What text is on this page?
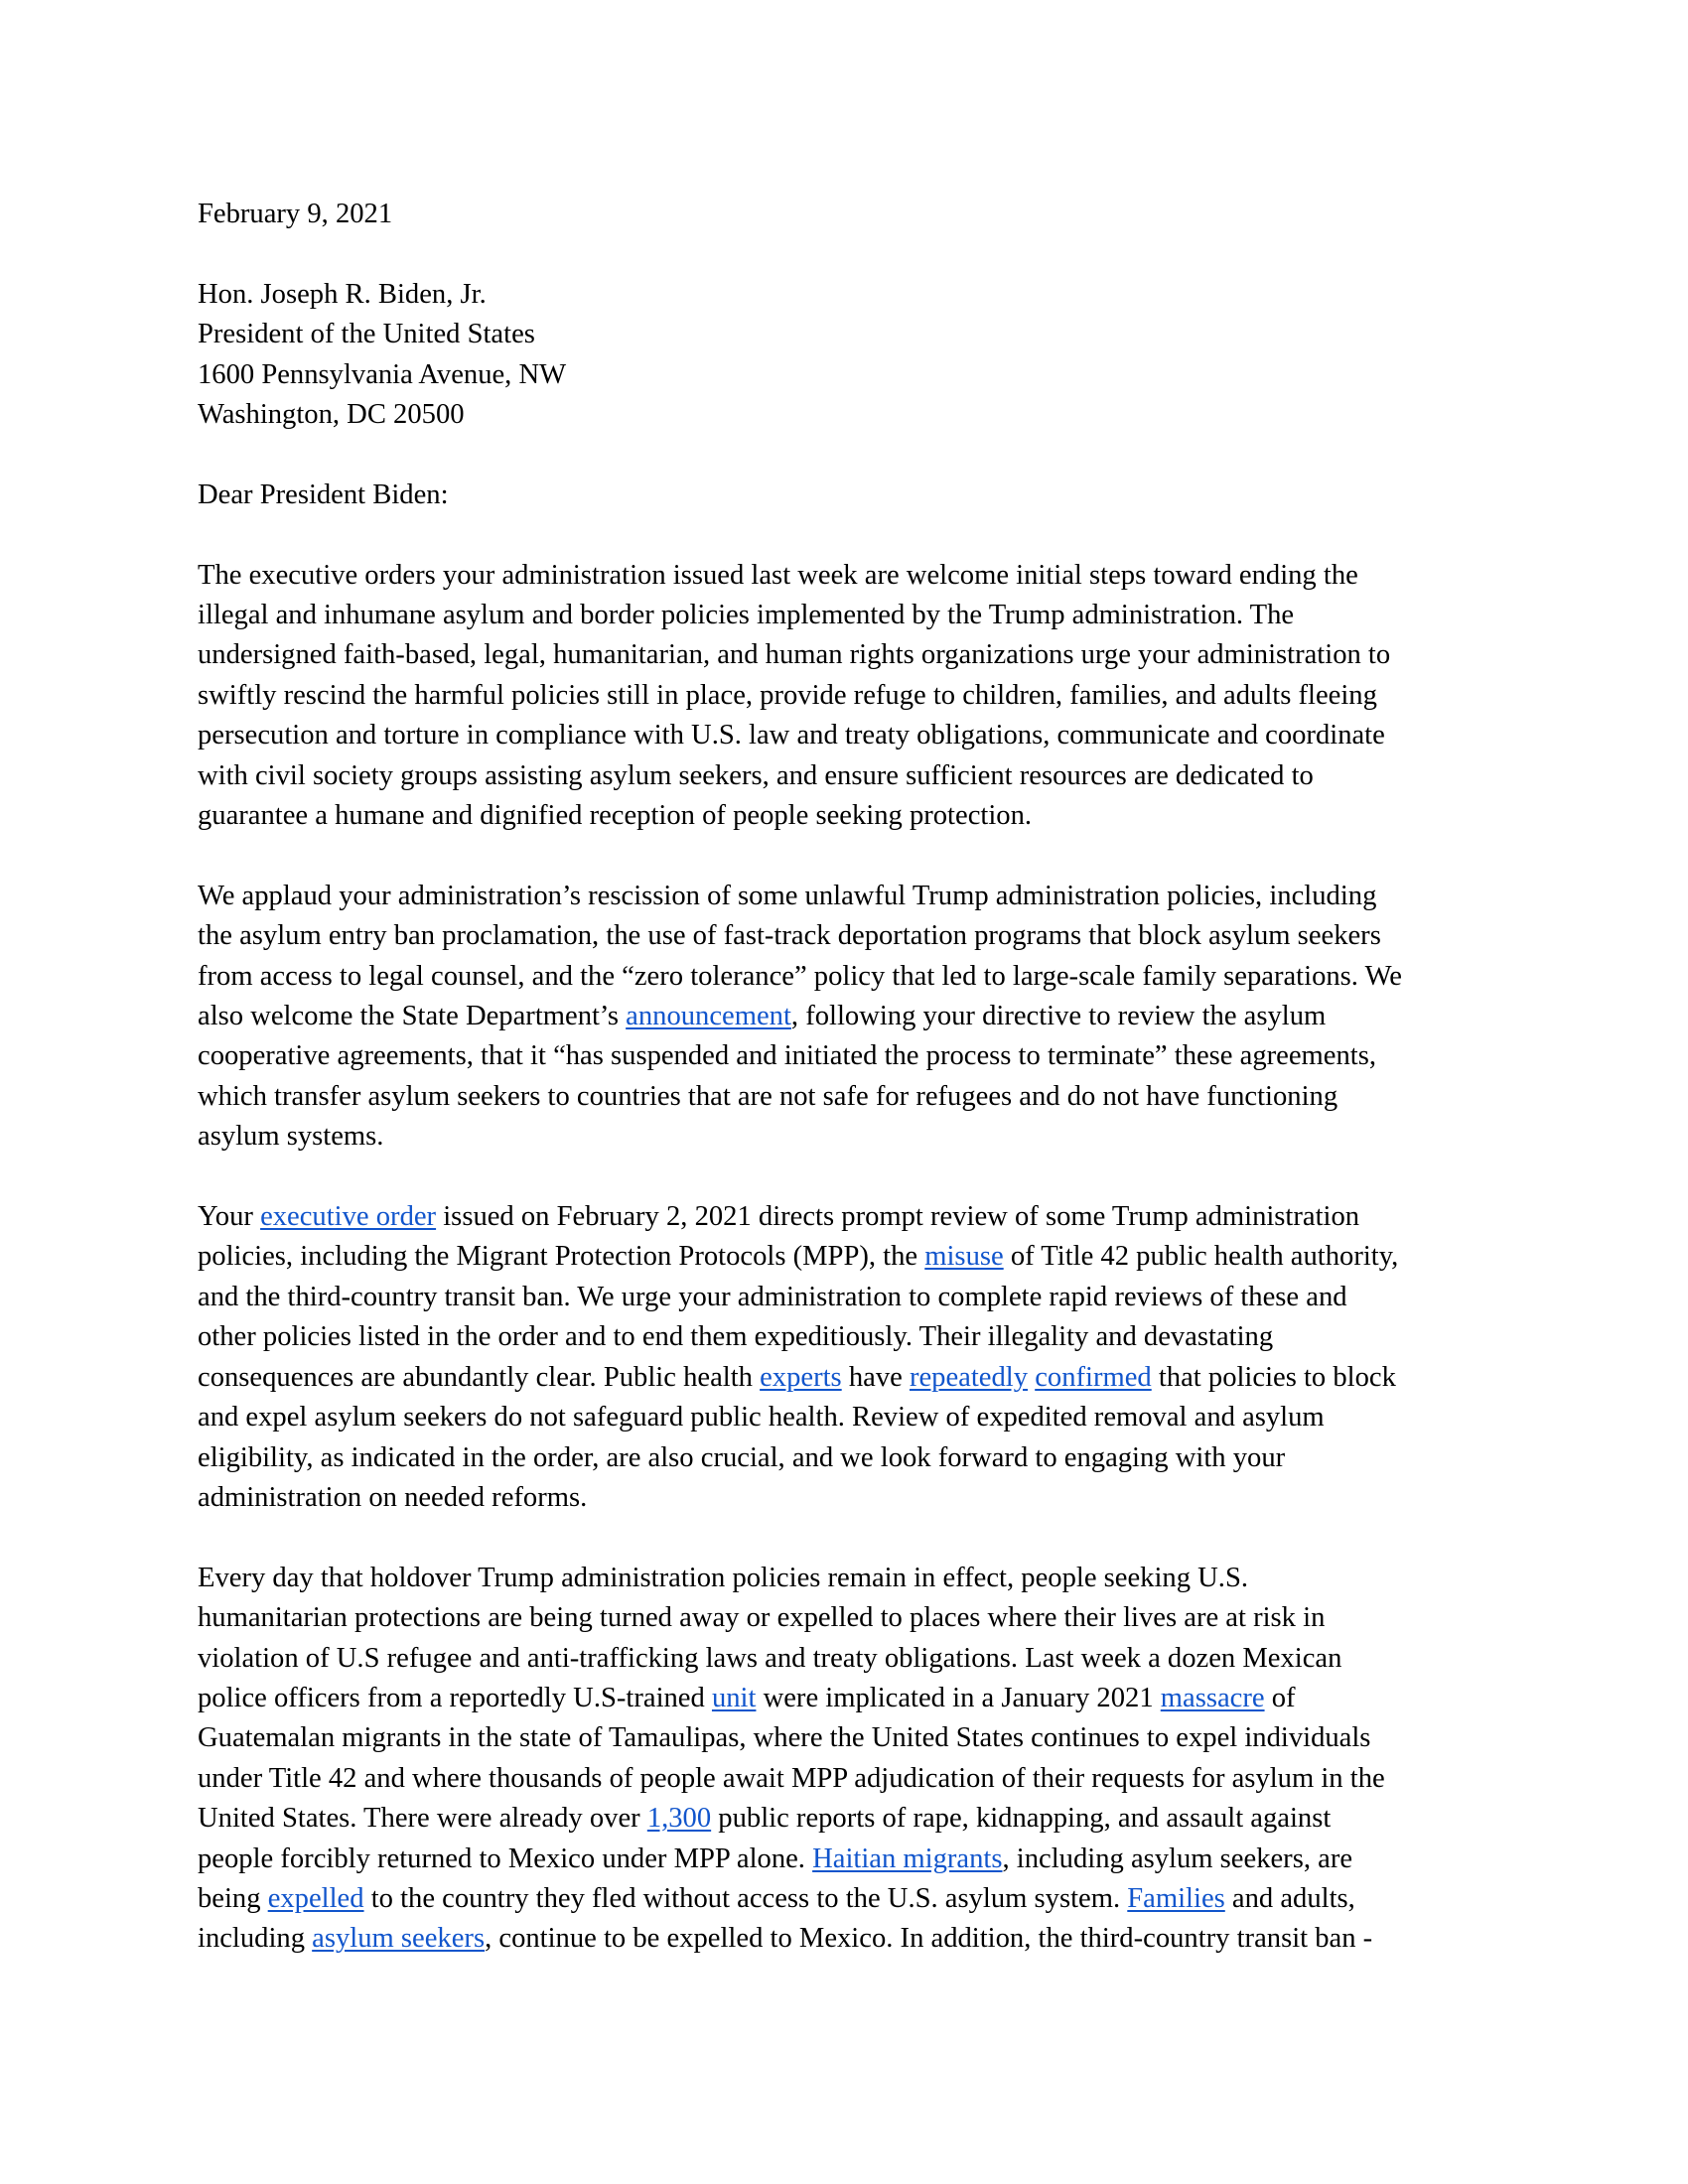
February 9, 2021
Hon. Joseph R. Biden, Jr.
President of the United States
1600 Pennsylvania Avenue, NW
Washington, DC 20500
Dear President Biden:
The executive orders your administration issued last week are welcome initial steps toward ending the
illegal and inhumane asylum and border policies implemented by the Trump administration. The
undersigned faith-based, legal, humanitarian, and human rights organizations urge your administration to
swiftly rescind the harmful policies still in place, provide refuge to children, families, and adults fleeing
persecution and torture in compliance with U.S. law and treaty obligations, communicate and coordinate
with civil society groups assisting asylum seekers, and ensure sufficient resources are dedicated to
guarantee a humane and dignified reception of people seeking protection.
We applaud your administration’s rescission of some unlawful Trump administration policies, including
the asylum entry ban proclamation, the use of fast-track deportation programs that block asylum seekers
from access to legal counsel, and the “zero tolerance” policy that led to large-scale family separations. We
also welcome the State Department’s announcement, following your directive to review the asylum
cooperative agreements, that it “has suspended and initiated the process to terminate” these agreements,
which transfer asylum seekers to countries that are not safe for refugees and do not have functioning
asylum systems.
Your executive order issued on February 2, 2021 directs prompt review of some Trump administration
policies, including the Migrant Protection Protocols (MPP), the misuse of Title 42 public health authority,
and the third-country transit ban. We urge your administration to complete rapid reviews of these and
other policies listed in the order and to end them expeditiously. Their illegality and devastating
consequences are abundantly clear. Public health experts have repeatedly confirmed that policies to block
and expel asylum seekers do not safeguard public health. Review of expedited removal and asylum
eligibility, as indicated in the order, are also crucial, and we look forward to engaging with your
administration on needed reforms.
Every day that holdover Trump administration policies remain in effect, people seeking U.S.
humanitarian protections are being turned away or expelled to places where their lives are at risk in
violation of U.S refugee and anti-trafficking laws and treaty obligations. Last week a dozen Mexican
police officers from a reportedly U.S-trained unit were implicated in a January 2021 massacre of
Guatemalan migrants in the state of Tamaulipas, where the United States continues to expel individuals
under Title 42 and where thousands of people await MPP adjudication of their requests for asylum in the
United States. There were already over 1,300 public reports of rape, kidnapping, and assault against
people forcibly returned to Mexico under MPP alone. Haitian migrants, including asylum seekers, are
being expelled to the country they fled without access to the U.S. asylum system. Families and adults,
including asylum seekers, continue to be expelled to Mexico. In addition, the third-country transit ban -
